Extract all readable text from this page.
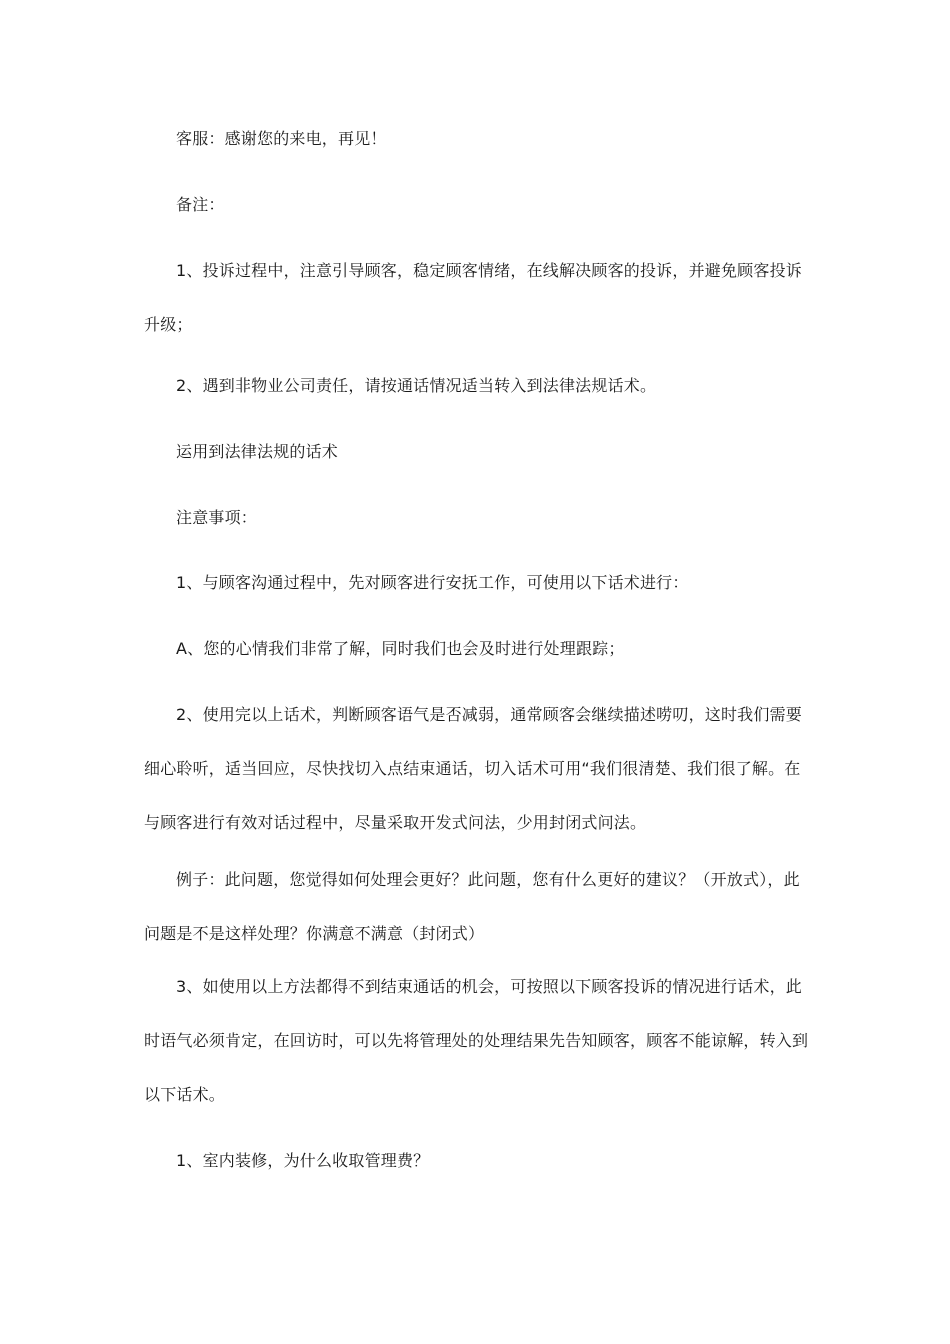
客服：感谢您的来电，再见！

备注：

1、投诉过程中，注意引导顾客，稳定顾客情绪，在线解决顾客的投诉，并避免顾客投诉升级；

2、遇到非物业公司责任，请按通话情况适当转入到法律法规话术。

运用到法律法规的话术

注意事项：

1、与顾客沟通过程中，先对顾客进行安抚工作，可使用以下话术进行：

A、您的心情我们非常了解，同时我们也会及时进行处理跟踪；

2、使用完以上话术，判断顾客语气是否减弱，通常顾客会继续描述唠叨，这时我们需要细心聆听，适当回应，尽快找切入点结束通话，切入话术可用“我们很清楚、我们很了解。在与顾客进行有效对话过程中，尽量采取开发式问法，少用封闭式问法。

例子：此问题，您觉得如何处理会更好？此问题，您有什么更好的建议？（开放式），此问题是不是这样处理？你满意不满意（封闭式）

3、如使用以上方法都得不到结束通话的机会，可按照以下顾客投诉的情况进行话术，此时语气必须肯定，在回访时，可以先将管理处的处理结果先告知顾客，顾客不能谅解，转入到以下话术。

1、室内装修，为什么收取管理费？
